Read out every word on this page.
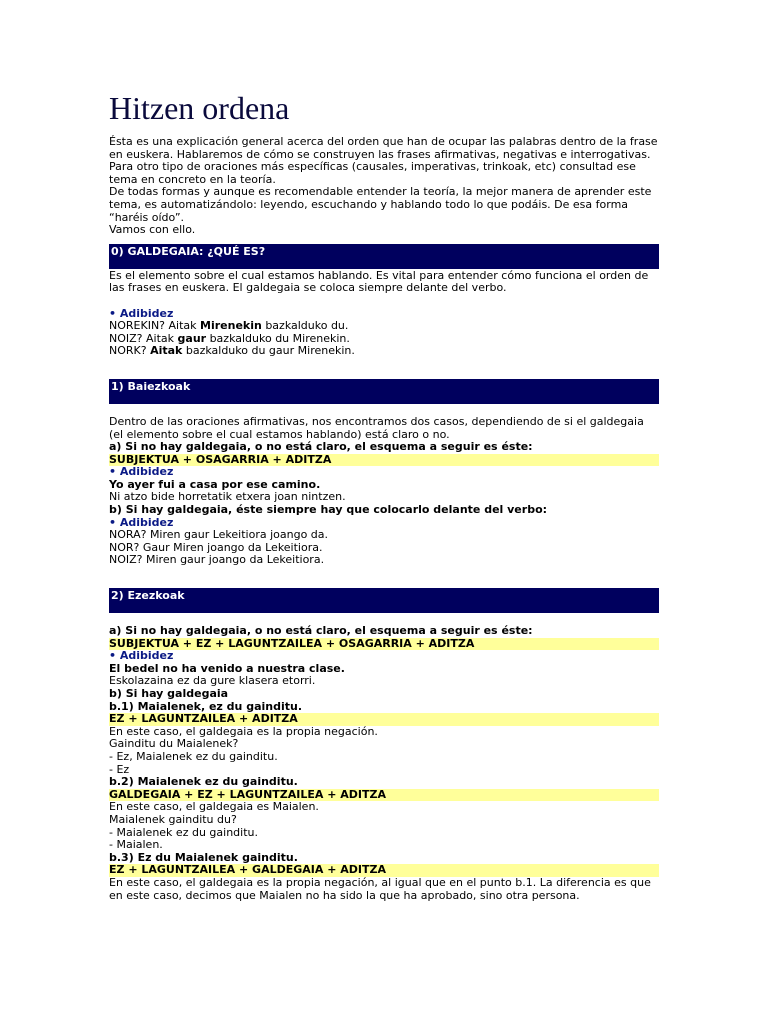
Hitzen ordena

Ésta es una explicación general acerca del orden que han de ocupar las palabras dentro de la frase en euskera. Hablaremos de cómo se construyen las frases afirmativas, negativas e interrogativas. Para otro tipo de oraciones más específicas (causales, imperativas, trinkoak, etc) consultad ese tema en concreto en la teoría.

De todas formas y aunque es recomendable entender la teoría, la mejor manera de aprender este tema, es automatizándolo: leyendo, escuchando y hablando todo lo que podáis. De esa forma “haréis oído”.

Vamos con ello.

0) GALDEGAIA: ¿QUÉ ES?

Es el elemento sobre el cual estamos hablando. Es vital para entender cómo funciona el orden de las frases en euskera. El galdegaia se coloca siempre delante del verbo.

• Adibidez
NOREKIN? Aitak Mirenekin bazkalduko du.
NOIZ? Aitak gaur bazkalduko du Mirenekin.
NORK? Aitak bazkalduko du gaur Mirenekin.
1) Baiezkoak

Dentro de las oraciones afirmativas, nos encontramos dos casos, dependiendo de si el galdegaia (el elemento sobre el cual estamos hablando) está claro o no.

a) Si no hay galdegaia, o no está claro, el esquema a seguir es éste:
SUBJEKTUA + OSAGARRIA + ADITZA
• Adibidez
Yo ayer fui a casa por ese camino.
Ni atzo bide horretatik etxera joan nintzen.
b) Si hay galdegaia, éste siempre hay que colocarlo delante del verbo:
• Adibidez
NORA? Miren gaur Lekeitiora joango da.
NOR? Gaur Miren joango da Lekeitiora.
NOIZ? Miren gaur joango da Lekeitiora.
2) Ezezkoak
a) Si no hay galdegaia, o no está claro, el esquema a seguir es éste:
SUBJEKTUA + EZ + LAGUNTZAILEA + OSAGARRIA + ADITZA
• Adibidez
El bedel no ha venido a nuestra clase.
Eskolazaina ez da gure klasera etorri.
b) Si hay galdegaia
b.1) Maialenek, ez du gainditu.
EZ + LAGUNTZAILEA + ADITZA
En este caso, el galdegaia es la propia negación.
Gainditu du Maialenek?
- Ez, Maialenek ez du gainditu.
- Ez
b.2) Maialenek ez du gainditu.
GALDEGAIA + EZ + LAGUNTZAILEA + ADITZA
En este caso, el galdegaia es Maialen.
Maialenek gainditu du?
- Maialenek ez du gainditu.
- Maialen.
b.3) Ez du Maialenek gainditu.
EZ + LAGUNTZAILEA + GALDEGAIA + ADITZA

En este caso, el galdegaia es la propia negación, al igual que en el punto b.1. La diferencia es que en este caso, decimos que Maialen no ha sido la que ha aprobado, sino otra persona.
